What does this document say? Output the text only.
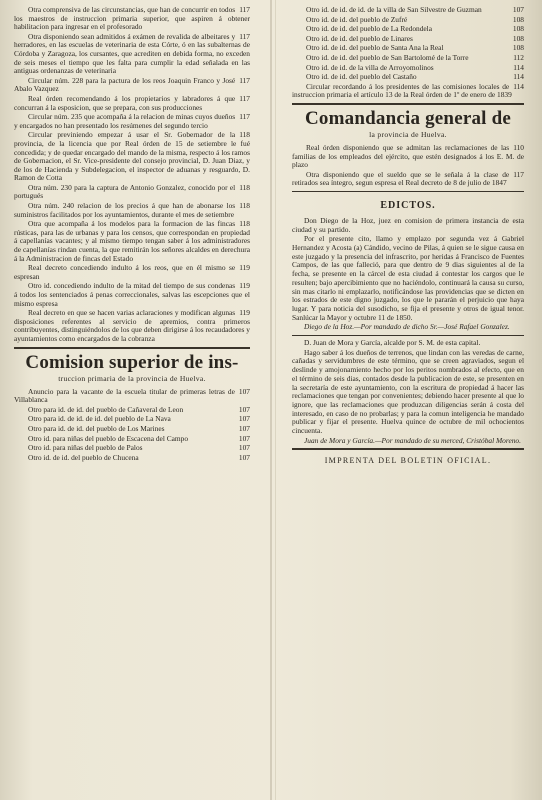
117
Otra comprensiva de las circunstancias, que han de concurrir en todos los maestros de instruccion primaria superior, que aspiren á obtener habilitacion para ingresar en el profesorado
117
Otra disponiendo sean admitidos á exámen de revalida de albeitares y herradores, en las escuelas de veterinaria de esta Córte, ó en las subalternas de Córdoba y Zaragoza, los cursantes, que acrediten en debida forma, no exceden de seis meses el tiempo que les falta para cumplir la edad señalada en las antiguas ordenanzas de veterinaria
117
Circular núm. 228 para la pactura de los reos Joaquin Franco y José Abalo Vazquez
117
Real órden recomendando á los propietarios y labradores á que concurran á la esposicion, que se prepara, con sus producciones
117
Circular núm. 235 que acompaña á la relacion de minas cuyos dueños y encargados no han presentado los resúmenes del segundo tercio
118
Circular previniendo empezar á usar el Sr. Gobernador de la provincia, de la licencia que por Real órden de 15 de setiembre le fué concedida; y de quedar encargado del mando de la misma, respecto á los ramos de Gobernacion, el Sr. Vice-presidente del consejo provincial, D. Juan Diaz, y de los de Hacienda y Subdelegacion, el inspector de aduanas y resguardo, D. Ramon de Cotta
118
Otra núm. 230 para la captura de Antonio Gonzalez, conocido por el portugués
118
Otra núm. 240 relacion de los precios á que han de abonarse los suministros facilitados por los ayuntamientos, durante el mes de setiembre
118
Otra que acompaña á los modelos para la formacion de las fincas rústicas, para las de urbanas y para los censos, que correspondan en propiedad á capellanías vacantes; y al mismo tiempo tengan saber á los administradores de capellanías rindan cuenta, la que remitirán los señores alcaldes en derechura á la Administracion de fincas del Estado
119
Real decreto concediendo indulto á los reos, que en él mismo se espresan
119
Otro id. concediendo indulto de la mitad del tiempo de sus condenas á todos los sentenciados á penas correccionales, salvas las escepciones que el mismo espresa
119
Real decreto en que se hacen varias aclaraciones y modifican algunas disposiciones referentes al servicio de apremios, contra primeros contribuyentes, distinguiéndolos de los que deben dirigirse á los recaudadores y ayuntamientos como encargados de la cobranza
Comision superior de ins-
truccion primaria de la provincia de Huelva.
107
Anuncio para la vacante de la escuela titular de primeras letras de Villablanca
107
Otro para id. de id. del pueblo de Cañaveral de Leon
107
Otro para id. de id. de id. del pueblo de La Nava
107
Otro para id. de id. del pueblo de Los Marines
107
Otro id. para niñas del pueblo de Escacena del Campo
107
Otro id. para niñas del pueblo de Palos
107
Otro id. de id. del pueblo de Chucena
107
Otro id. de id. de id. de la villa de San Silvestre de Guzman
108
Otro id. de id. del pueblo de Zufré
108
Otro id. de id. del pueblo de La Redondela
108
Otro id. de id. del pueblo de Linares
108
Otro id. de id. del pueblo de Santa Ana la Real
112
Otro id. de id. del pueblo de San Bartolomé de la Torre
114
Otro id. de id. de la villa de Arroyomolinos
114
Otro id. de id. del pueblo del Castaño
114
Circular recordando á los presidentes de las comisiones locales de instruccion primaria el artículo 13 de la Real órden de 1º de enero de 1839
Comandancia general de
la provincia de Huelva.
110
Real órden disponiendo que se admitan las reclamaciones de las familias de los empleados del ejército, que estén designados á los E. M. de plazo
117
Otra disponiendo que el sueldo que se le señala á la clase de retirados sea íntegro, segun espresa el Real decreto de 8 de julio de 1847
EDICTOS.

Don Diego de la Hoz, juez en comision de primera instancia de esta ciudad y su partido.

Por el presente cito, llamo y emplazo por segunda vez á Gabriel Hernandez y Acosta (a) Cándido, vecino de Pilas, á quien se le sigue causa en este juzgado y la presencia del infrascrito, por heridas á Francisco de Fuentes Campos, de las que falleció, para que dentro de 9 dias siguientes al de la fecha, se presente en la cárcel de esta ciudad á contestar los cargos que le resulten; bajo apercibimiento que no haciéndolo, continuará la causa su curso, sin mas citarlo ni emplazarlo, notificándose las providencias que se dicten en los estrados de este digno juzgado, los que le pararán el perjuicio que haya lugar. Y para noticia del susodicho, se fija el presente y otros de igual tenor. Sanlúcar la Mayor y octubre 11 de 1850.

Diego de la Hoz.—Por mandado de dicho Sr.—José Rafael Gonzalez.

D. Juan de Mora y García, alcalde por S. M. de esta capital.

Hago saber á los dueños de terrenos, que lindan con las veredas de carne, cañadas y servidumbres de este término, que se creen agraviados, segun el deslinde y amojonamiento hecho por los peritos nombrados al efecto, que en el término de seis dias, contados desde la publicacion de este, se presenten en la secretaría de este ayuntamiento, con la escritura de propiedad á hacer las reclamaciones que tengan por convenientes; debiendo hacer presente al que lo ignore, que las reclamaciones que produzcan diligencias serán á costa del interesado, en caso de no probarlas; y para la comun inteligencia he mandado publicar y fijar el presente. Huelva quince de octubre de mil ochocientos cincuenta.

Juan de Mora y García.—Por mandado de su merced, Cristóbal Moreno.

IMPRENTA DEL BOLETIN OFICIAL.
